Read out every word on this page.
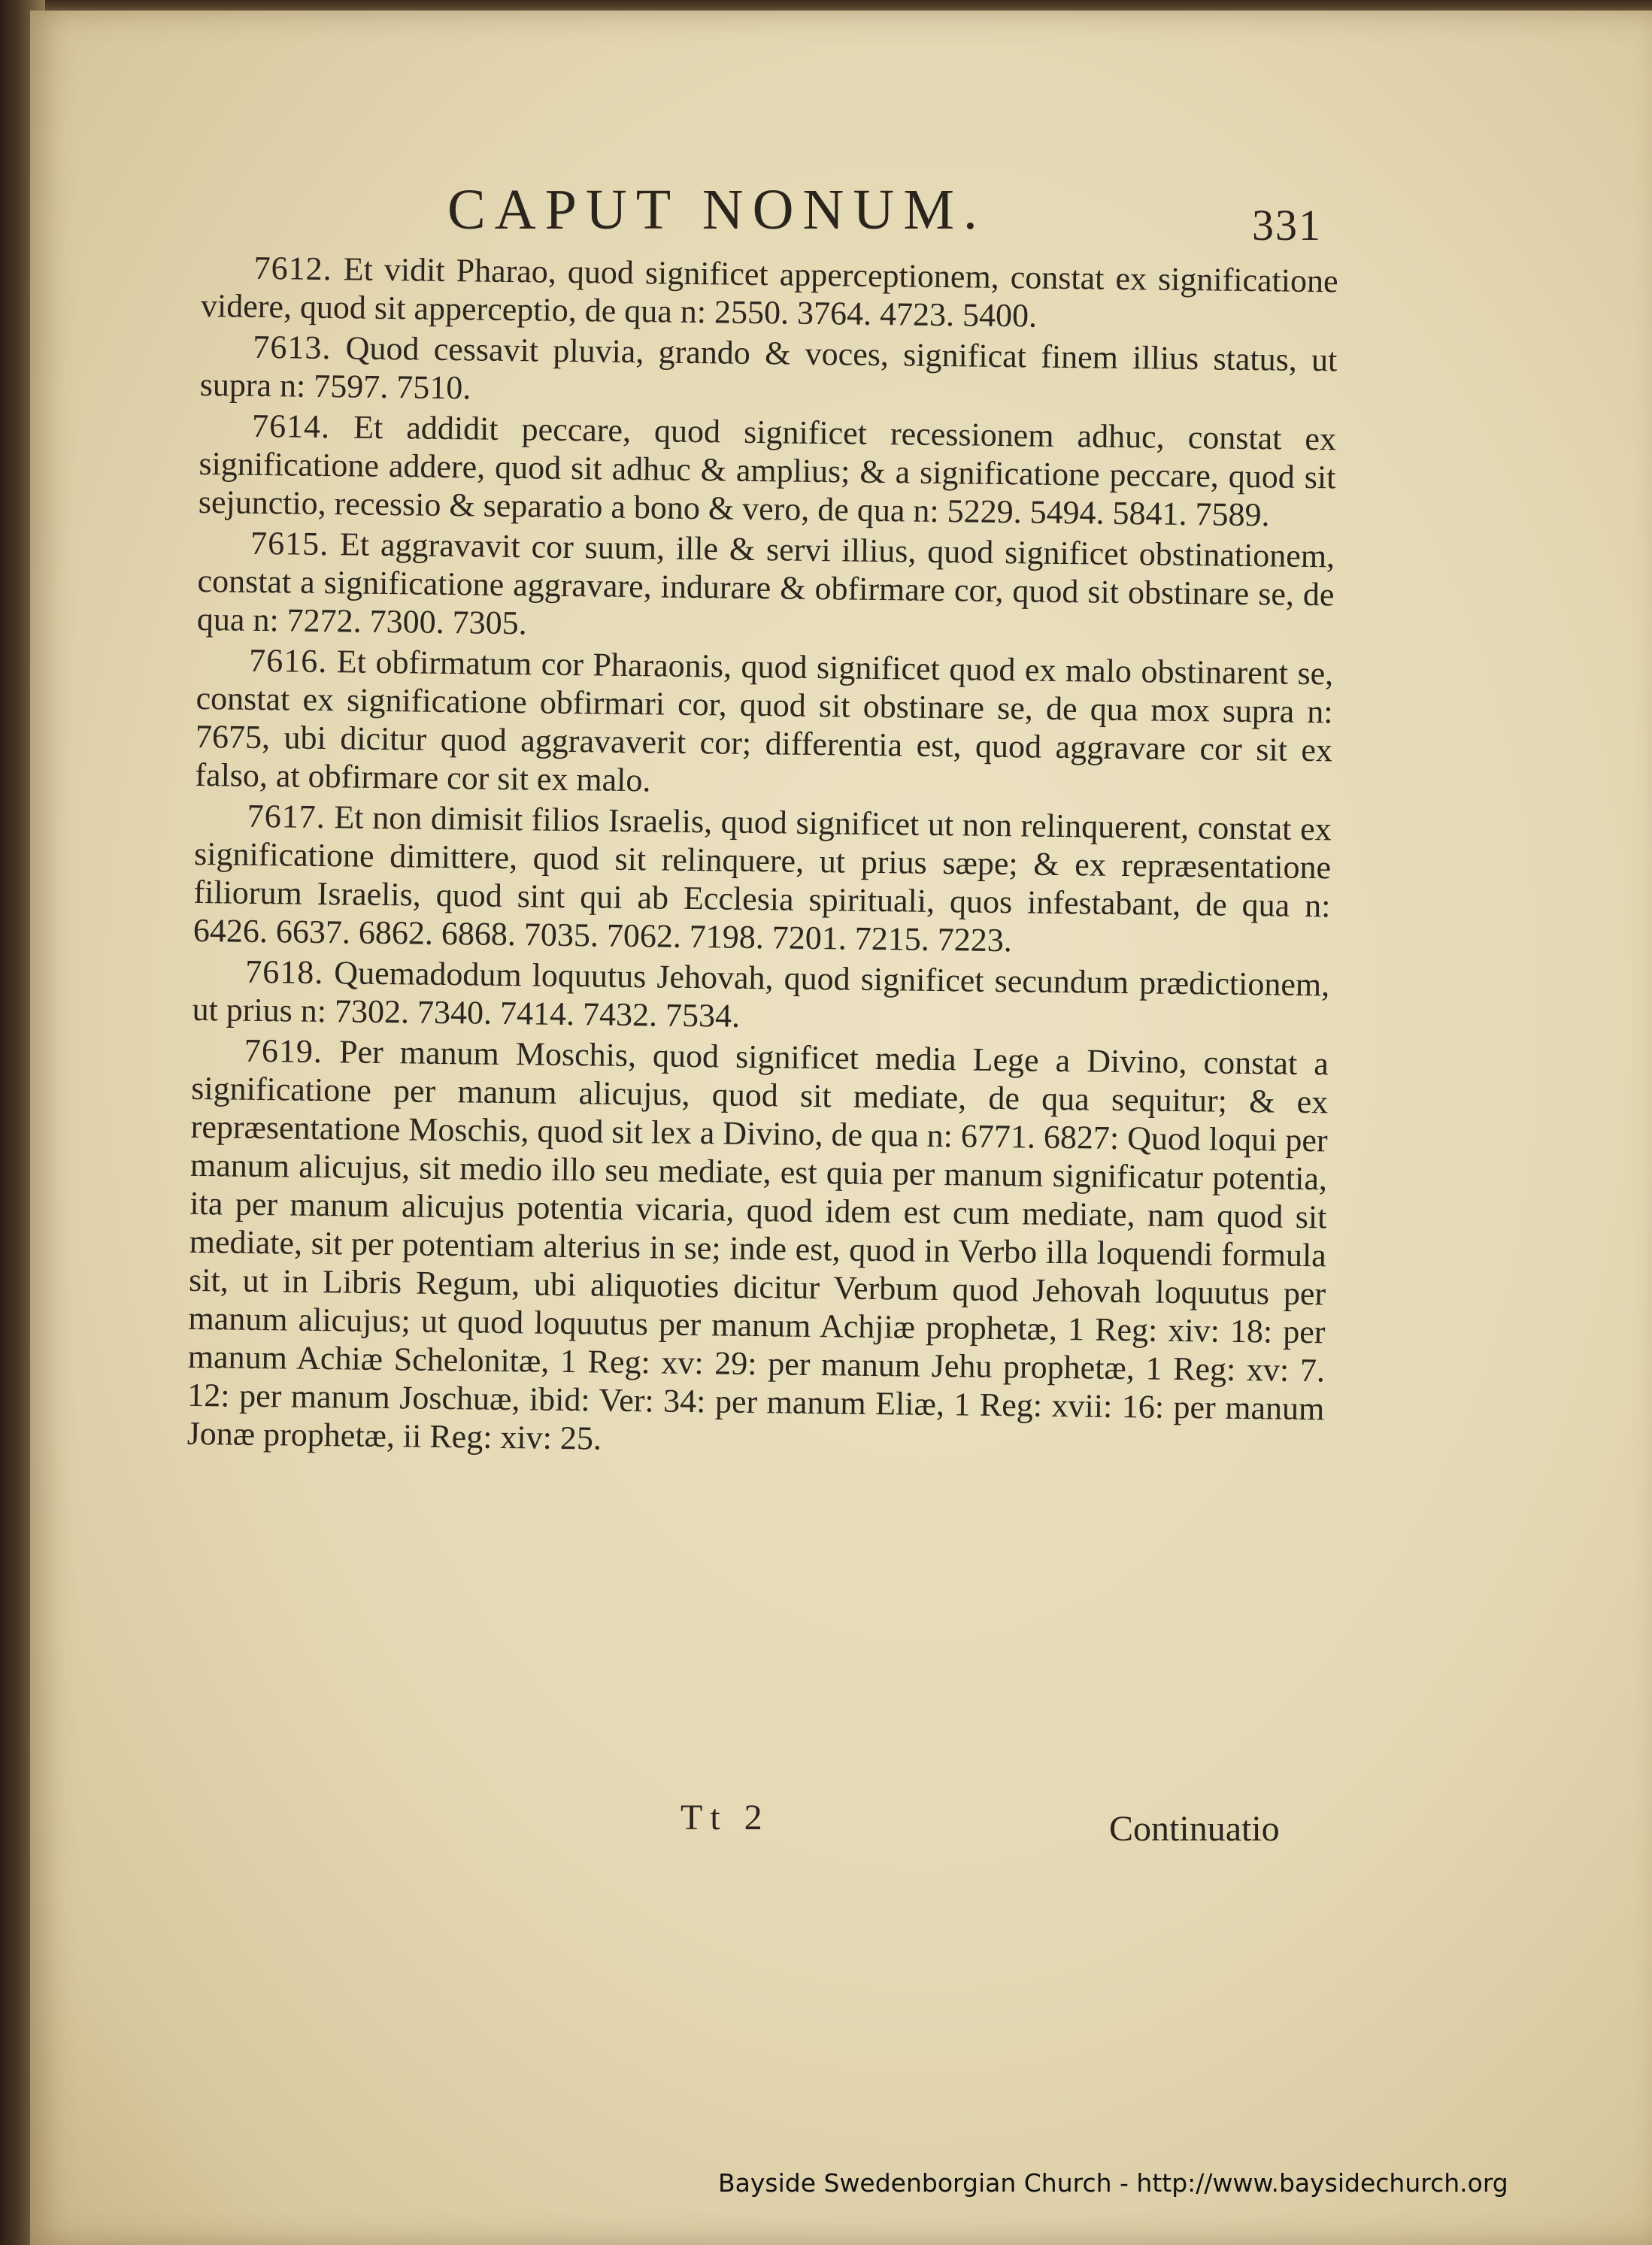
CAPUT NONUM.	331

7612. Et vidit Pharao, quod significet apperceptionem, constat ex significatione videre, quod sit apperceptio, de qua n: 2550. 3764. 4723. 5400.

7613. Quod cessavit pluvia, grando & voces, significat finem illius status, ut supra n: 7597. 7510.

7614. Et addidit peccare, quod significet recessionem adhuc, constat ex significatione addere, quod sit adhuc & amplius; & a significatione peccare, quod sit sejunctio, recessio & separatio a bono & vero, de qua n: 5229. 5494. 5841. 7589.

7615. Et aggravavit cor suum, ille & servi illius, quod significet obstinationem, constat a significatione aggravare, indurare & obfirmare cor, quod sit obstinare se, de qua n: 7272. 7300. 7305.

7616. Et obfirmatum cor Pharaonis, quod significet quod ex malo obstinarent se, constat ex significatione obfirmari cor, quod sit obstinare se, de qua mox supra n: 7675, ubi dicitur quod aggravaverit cor; differentia est, quod aggravare cor sit ex falso, at obfirmare cor sit ex malo.

7617. Et non dimisit filios Israelis, quod significet ut non relinquerent, constat ex significatione dimittere, quod sit relinquere, ut prius sæpe; & ex repræsentatione filiorum Israelis, quod sint qui ab Ecclesia spirituali, quos infestabant, de qua n: 6426. 6637. 6862. 6868. 7035. 7062. 7198. 7201. 7215. 7223.

7618. Quemadodum loquutus Jehovah, quod significet secundum prædictionem, ut prius n: 7302. 7340. 7414. 7432. 7534.

7619. Per manum Moschis, quod significet media Lege a Divino, constat a significatione per manum alicujus, quod sit mediate, de qua sequitur; & ex repræsentatione Moschis, quod sit lex a Divino, de qua n: 6771. 6827: Quod loqui per manum alicujus, sit medio illo seu mediate, est quia per manum significatur potentia, ita per manum alicujus potentia vicaria, quod idem est cum mediate, nam quod sit mediate, sit per potentiam alterius in se; inde est, quod in Verbo illa loquendi formula sit, ut in Libris Regum, ubi aliquoties dicitur Verbum quod Jehovah loquutus per manum alicujus; ut quod loquutus per manum Achjiæ prophetæ, 1 Reg: xiv: 18: per manum Achiæ Schelonitæ, 1 Reg: xv: 29: per manum Jehu prophetæ, 1 Reg: xv: 7. 12: per manum Joschuæ, ibid: Ver: 34: per manum Eliæ, 1 Reg: xvii: 16: per manum Jonæ prophetæ, ii Reg: xiv: 25.

Tt 2	Continuatio
Bayside Swedenborgian Church - http://www.baysidechurch.org
